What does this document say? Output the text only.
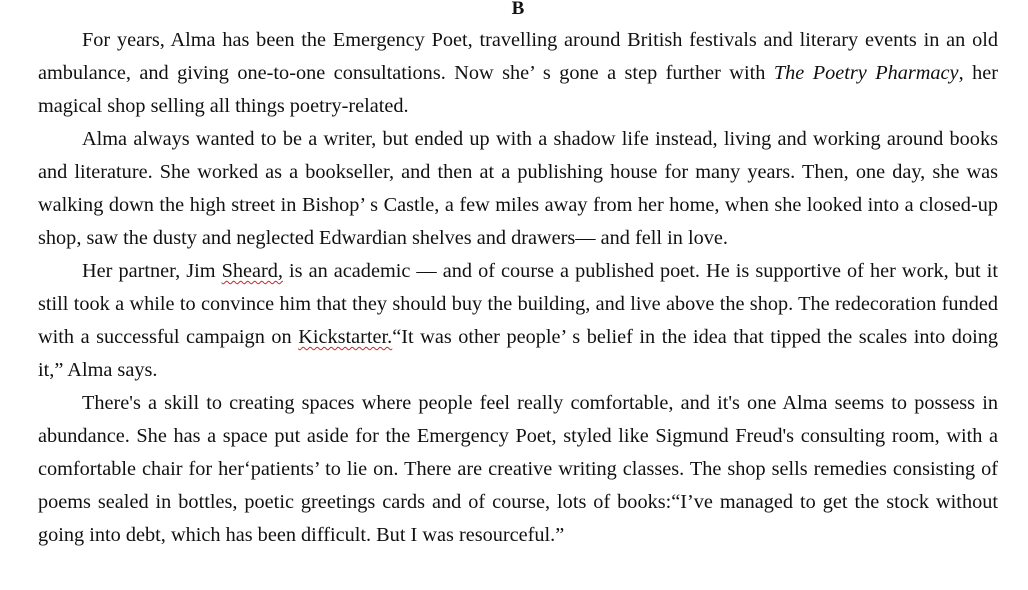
B

For years, Alma has been the Emergency Poet, travelling around British festivals and literary events in an old ambulance, and giving one-to-one consultations. Now she’ s gone a step further with The Poetry Pharmacy, her magical shop selling all things poetry-related.

Alma always wanted to be a writer, but ended up with a shadow life instead, living and working around books and literature. She worked as a bookseller, and then at a publishing house for many years. Then, one day, she was walking down the high street in Bishop’ s Castle, a few miles away from her home, when she looked into a closed-up shop, saw the dusty and neglected Edwardian shelves and drawers— and fell in love.

Her partner, Jim Sheard, is an academic — and of course a published poet. He is supportive of her work, but it still took a while to convince him that they should buy the building, and live above the shop. The redecoration funded with a successful campaign on Kickstarter.“It was other people’ s belief in the idea that tipped the scales into doing it,” Alma says.

There's a skill to creating spaces where people feel really comfortable, and it's one Alma seems to possess in abundance. She has a space put aside for the Emergency Poet, styled like Sigmund Freud's consulting room, with a comfortable chair for her‘patients’ to lie on. There are creative writing classes. The shop sells remedies consisting of poems sealed in bottles, poetic greetings cards and of course, lots of books:“I’ve managed to get the stock without going into debt, which has been difficult. But I was resourceful.”
